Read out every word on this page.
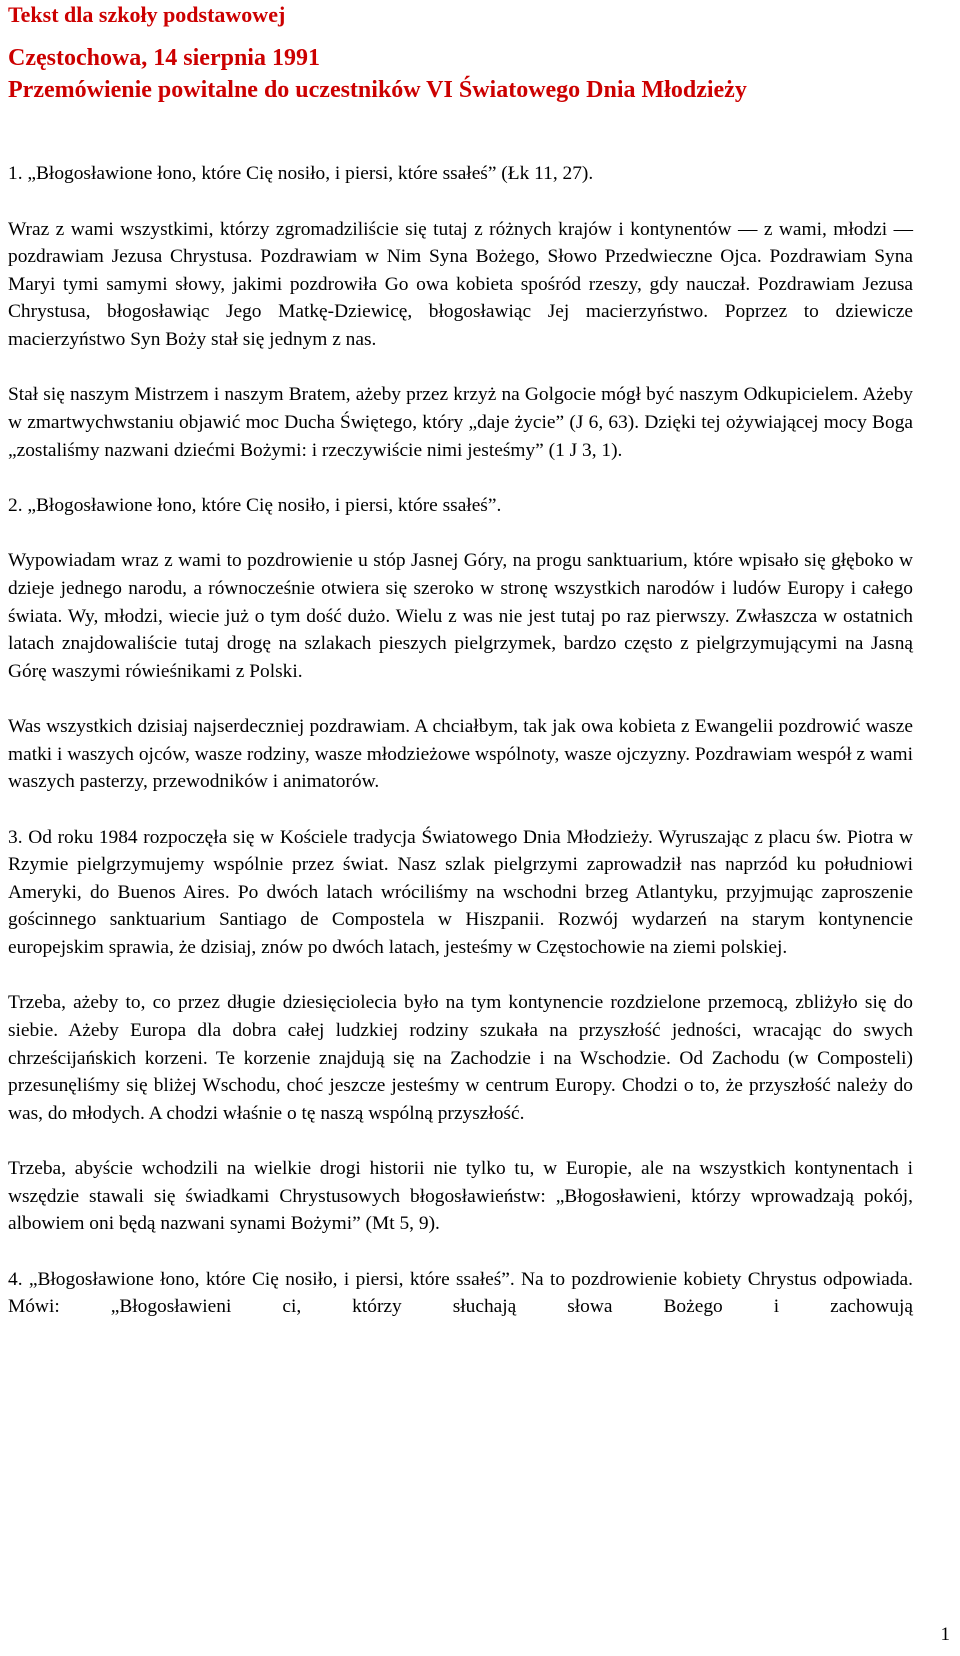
Tekst dla szkoły podstawowej

Częstochowa, 14 sierpnia 1991
Przemówienie powitalne do uczestników VI Światowego Dnia Młodzieży

1. „Błogosławione łono, które Cię nosiło, i piersi, które ssałeś” (Łk 11, 27).

Wraz z wami wszystkimi, którzy zgromadziliście się tutaj z różnych krajów i kontynentów — z wami, młodzi — pozdrawiam Jezusa Chrystusa. Pozdrawiam w Nim Syna Bożego, Słowo Przedwieczne Ojca. Pozdrawiam Syna Maryi tymi samymi słowy, jakimi pozdrowiła Go owa kobieta spośród rzeszy, gdy nauczał. Pozdrawiam Jezusa Chrystusa, błogosławiąc Jego Matkę-Dziewicę, błogosławiąc Jej macierzyństwo. Poprzez to dziewicze macierzyństwo Syn Boży stał się jednym z nas.

Stał się naszym Mistrzem i naszym Bratem, ażeby przez krzyż na Golgocie mógł być naszym Odkupicielem. Ażeby w zmartwychwstaniu objawić moc Ducha Świętego, który „daje życie” (J 6, 63). Dzięki tej ożywiającej mocy Boga „zostaliśmy nazwani dziećmi Bożymi: i rzeczywiście nimi jesteśmy” (1 J 3, 1).

2. „Błogosławione łono, które Cię nosiło, i piersi, które ssałeś”.

Wypowiadam wraz z wami to pozdrowienie u stóp Jasnej Góry, na progu sanktuarium, które wpisało się głęboko w dzieje jednego narodu, a równocześnie otwiera się szeroko w stronę wszystkich narodów i ludów Europy i całego świata. Wy, młodzi, wiecie już o tym dość dużo. Wielu z was nie jest tutaj po raz pierwszy. Zwłaszcza w ostatnich latach znajdowaliście tutaj drogę na szlakach pieszych pielgrzymek, bardzo często z pielgrzymującymi na Jasną Górę waszymi rówieśnikami z Polski.

Was wszystkich dzisiaj najserdeczniej pozdrawiam. A chciałbym, tak jak owa kobieta z Ewangelii pozdrowić wasze matki i waszych ojców, wasze rodziny, wasze młodzieżowe wspólnoty, wasze ojczyzny. Pozdrawiam wespół z wami waszych pasterzy, przewodników i animatorów.

3. Od roku 1984 rozpoczęła się w Kościele tradycja Światowego Dnia Młodzieży. Wyruszając z placu św. Piotra w Rzymie pielgrzymujemy wspólnie przez świat. Nasz szlak pielgrzymi zaprowadził nas naprzód ku południowi Ameryki, do Buenos Aires. Po dwóch latach wróciliśmy na wschodni brzeg Atlantyku, przyjmując zaproszenie gościnnego sanktuarium Santiago de Compostela w Hiszpanii. Rozwój wydarzeń na starym kontynencie europejskim sprawia, że dzisiaj, znów po dwóch latach, jesteśmy w Częstochowie na ziemi polskiej.

Trzeba, ażeby to, co przez długie dziesięciolecia było na tym kontynencie rozdzielone przemocą, zbliżyło się do siebie. Ażeby Europa dla dobra całej ludzkiej rodziny szukała na przyszłość jedności, wracając do swych chrześcijańskich korzeni. Te korzenie znajdują się na Zachodzie i na Wschodzie. Od Zachodu (w Composteli) przesunęliśmy się bliżej Wschodu, choć jeszcze jesteśmy w centrum Europy. Chodzi o to, że przyszłość należy do was, do młodych. A chodzi właśnie o tę naszą wspólną przyszłość.

Trzeba, abyście wchodzili na wielkie drogi historii nie tylko tu, w Europie, ale na wszystkich kontynentach i wszędzie stawali się świadkami Chrystusowych błogosławieństw: „Błogosławieni, którzy wprowadzają pokój, albowiem oni będą nazwani synami Bożymi” (Mt 5, 9).

4. „Błogosławione łono, które Cię nosiło, i piersi, które ssałeś”. Na to pozdrowienie kobiety Chrystus odpowiada. Mówi: „Błogosławieni ci, którzy słuchają słowa Bożego i zachowują

1
